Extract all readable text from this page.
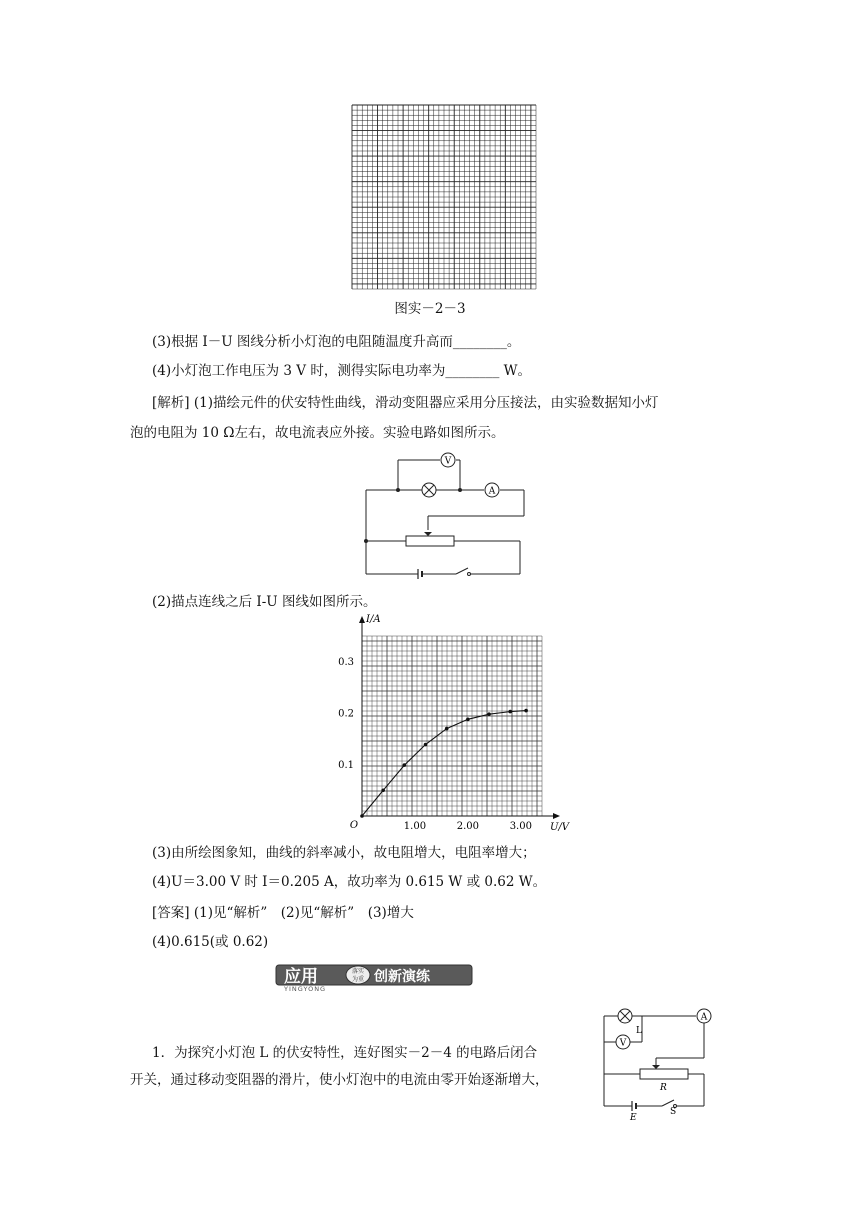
图实－2－3
(3)根据 I－U 图线分析小灯泡的电阻随温度升高而________。
(4)小灯泡工作电压为 3 V 时，测得实际电功率为________ W。
[解析] (1)描绘元件的伏安特性曲线，滑动变阻器应采用分压接法，由实验数据知小灯
泡的电阻为 10 Ω左右，故电流表应外接。实验电路如图所示。
V
A
(2)描点连线之后 I-U 图线如图所示。
I/A
U/V
O	1.00	2.00	3.00
0.1
0.2
0.3
(3)由所绘图象知，曲线的斜率减小，故电阻增大，电阻率增大；
(4)U＝3.00 V 时 I＝0.205 A，故功率为 0.615 W 或 0.62 W。
[答案] (1)见“解析”　(2)见“解析”　(3)增大
(4)0.615(或 0.62)
应用	落实
为重 创新演练
YINGYONG
1．为探究小灯泡 L 的伏安特性，连好图实－2－4 的电路后闭合
开关，通过移动变阻器的滑片，使小灯泡中的电流由零开始逐渐增大，
L
A
V
R
E
S
